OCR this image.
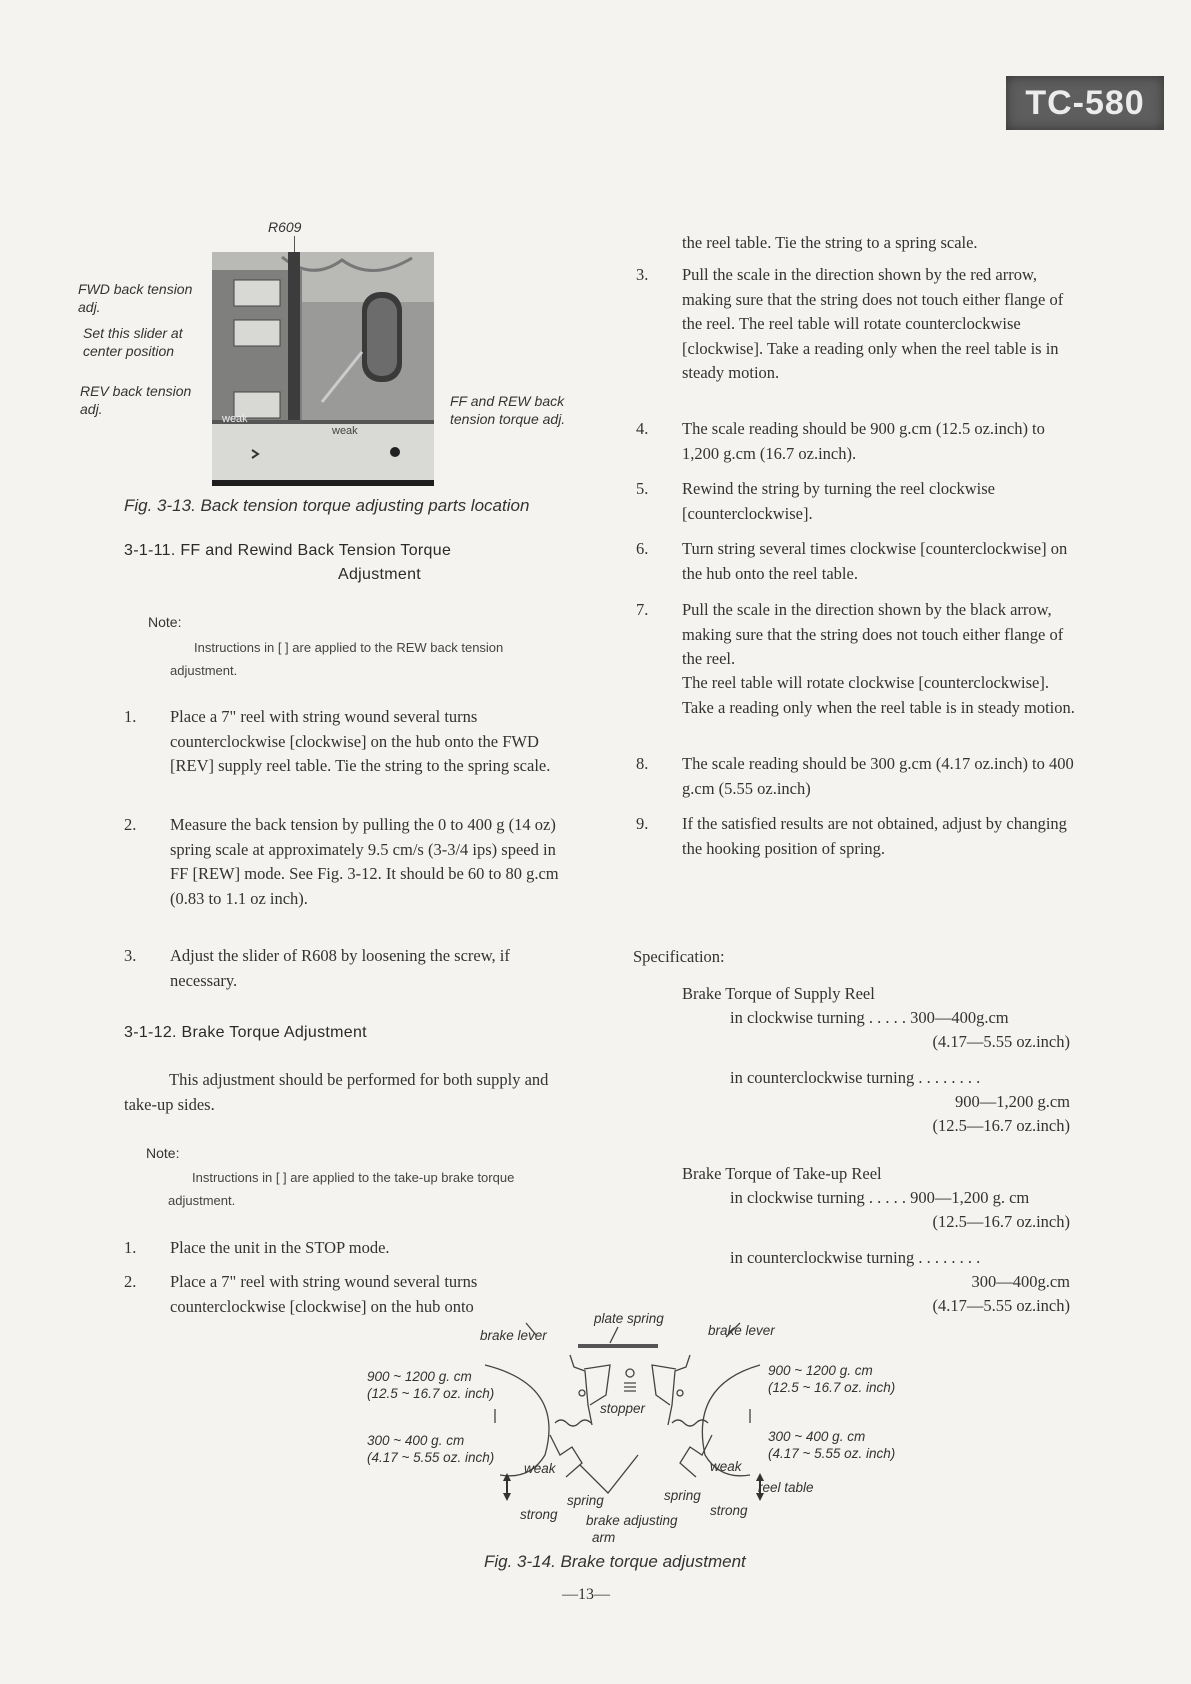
TC-580
R609
FWD back tension adj.
Set this slider at center position
REV back tension adj.	FF and REW back tension torque adj.
weak
weak
Fig. 3-13. Back tension torque adjusting parts location
3-1-11. FF and Rewind Back Tension Torque
Adjustment
Note:
Instructions in [ ] are applied to the REW back tension adjustment.
1. Place a 7" reel with string wound several turns counterclockwise [clockwise] on the hub onto the FWD [REV] supply reel table. Tie the string to the spring scale.
2. Measure the back tension by pulling the 0 to 400 g (14 oz) spring scale at approximately 9.5 cm/s (3-3/4 ips) speed in FF [REW] mode. See Fig. 3-12. It should be 60 to 80 g.cm (0.83 to 1.1 oz inch).
3. Adjust the slider of R608 by loosening the screw, if necessary.
3-1-12. Brake Torque Adjustment
This adjustment should be performed for both supply and take-up sides.
Note:
Instructions in [ ] are applied to the take-up brake torque adjustment.
1. Place the unit in the STOP mode.
2. Place a 7" reel with string wound several turns counterclockwise [clockwise] on the hub onto
the reel table. Tie the string to a spring scale.
3. Pull the scale in the direction shown by the red arrow, making sure that the string does not touch either flange of the reel. The reel table will rotate counterclockwise [clockwise]. Take a reading only when the reel table is in steady motion.
4. The scale reading should be 900 g.cm (12.5 oz.inch) to 1,200 g.cm (16.7 oz.inch).
5. Rewind the string by turning the reel clockwise [counterclockwise].
6. Turn string several times clockwise [counterclockwise] on the hub onto the reel table.
7. Pull the scale in the direction shown by the black arrow, making sure that the string does not touch either flange of the reel.
The reel table will rotate clockwise [counterclockwise]. Take a reading only when the reel table is in steady motion.
8. The scale reading should be 300 g.cm (4.17 oz.inch) to 400 g.cm (5.55 oz.inch)
9. If the satisfied results are not obtained, adjust by changing the hooking position of spring.
Specification:
Brake Torque of Supply Reel
in clockwise turning . . . . . 300—400g.cm
(4.17—5.55 oz.inch)
in counterclockwise turning . . . . . . . .
900—1,200 g.cm
(12.5—16.7 oz.inch)
Brake Torque of Take-up Reel
in clockwise turning . . . . . 900—1,200 g. cm
(12.5—16.7 oz.inch)
in counterclockwise turning . . . . . . . .
300—400g.cm
(4.17—5.55 oz.inch)
plate spring
brake lever	brake lever
900 ~ 1200 g. cm
(12.5 ~ 16.7 oz. inch)
300 ~ 400 g. cm
(4.17 ~ 5.55 oz. inch)
900 ~ 1200 g. cm
(12.5 ~ 16.7 oz. inch)
300 ~ 400 g. cm
(4.17 ~ 5.55 oz. inch)
stopper
weak	weak
spring	spring
strong	strong
reel table
brake adjusting
arm
Fig. 3-14. Brake torque adjustment
—13—
